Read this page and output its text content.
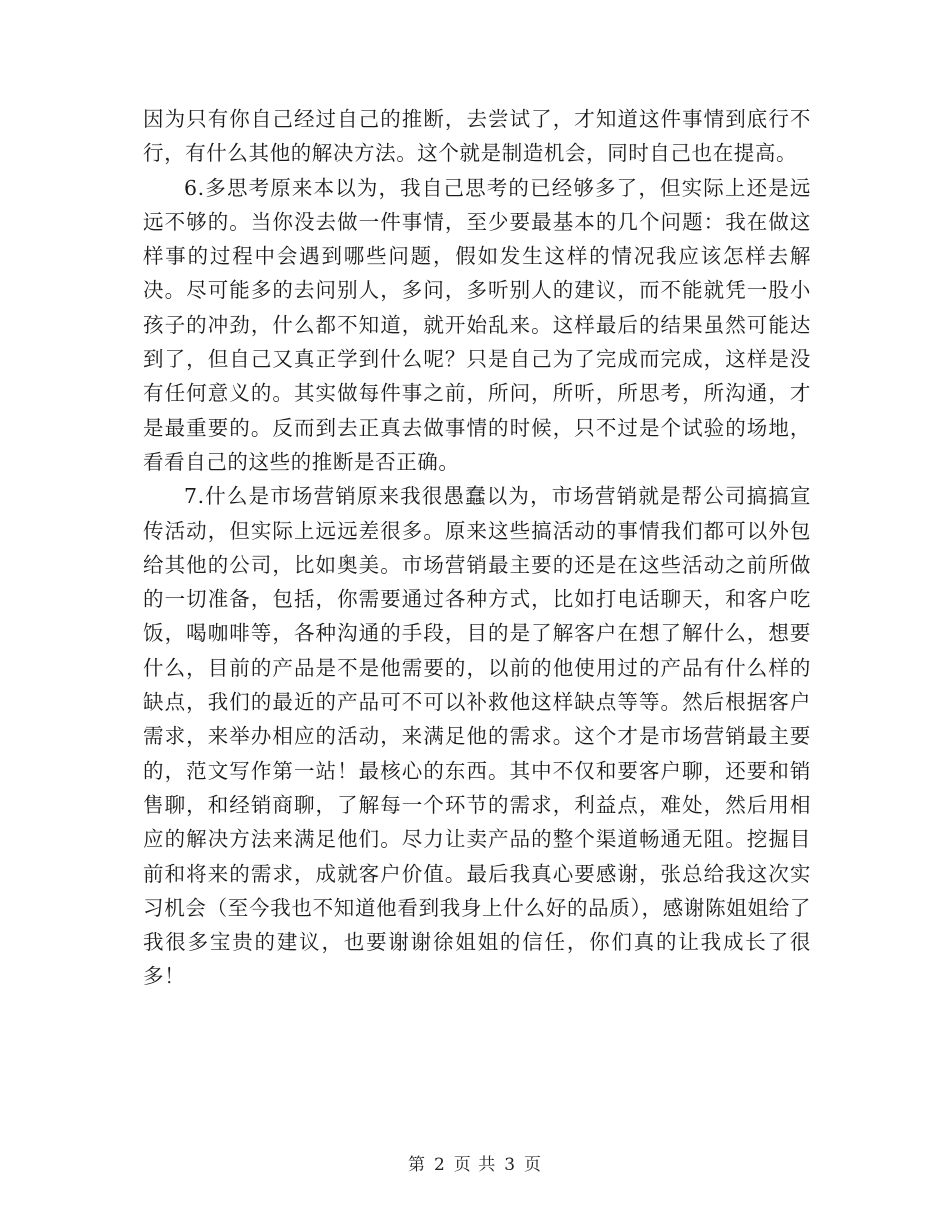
因为只有你自己经过自己的推断，去尝试了，才知道这件事情到底行不行，有什么其他的解决方法。这个就是制造机会，同时自己也在提高。

6.多思考原来本以为，我自己思考的已经够多了，但实际上还是远远不够的。当你没去做一件事情，至少要最基本的几个问题：我在做这样事的过程中会遇到哪些问题，假如发生这样的情况我应该怎样去解决。尽可能多的去问别人，多问，多听别人的建议，而不能就凭一股小孩子的冲劲，什么都不知道，就开始乱来。这样最后的结果虽然可能达到了，但自己又真正学到什么呢？只是自己为了完成而完成，这样是没有任何意义的。其实做每件事之前，所问，所听，所思考，所沟通，才是最重要的。反而到去正真去做事情的时候，只不过是个试验的场地，看看自己的这些的推断是否正确。

7.什么是市场营销原来我很愚蠢以为，市场营销就是帮公司搞搞宣传活动，但实际上远远差很多。原来这些搞活动的事情我们都可以外包给其他的公司，比如奥美。市场营销最主要的还是在这些活动之前所做的一切准备，包括，你需要通过各种方式，比如打电话聊天，和客户吃饭，喝咖啡等，各种沟通的手段，目的是了解客户在想了解什么，想要什么，目前的产品是不是他需要的，以前的他使用过的产品有什么样的缺点，我们的最近的产品可不可以补救他这样缺点等等。然后根据客户需求，来举办相应的活动，来满足他的需求。这个才是市场营销最主要的，范文写作第一站！最核心的东西。其中不仅和要客户聊，还要和销售聊，和经销商聊，了解每一个环节的需求，利益点，难处，然后用相应的解决方法来满足他们。尽力让卖产品的整个渠道畅通无阻。挖掘目前和将来的需求，成就客户价值。最后我真心要感谢，张总给我这次实习机会（至今我也不知道他看到我身上什么好的品质），感谢陈姐姐给了我很多宝贵的建议，也要谢谢徐姐姐的信任，你们真的让我成长了很多！

第 2 页 共 3 页
